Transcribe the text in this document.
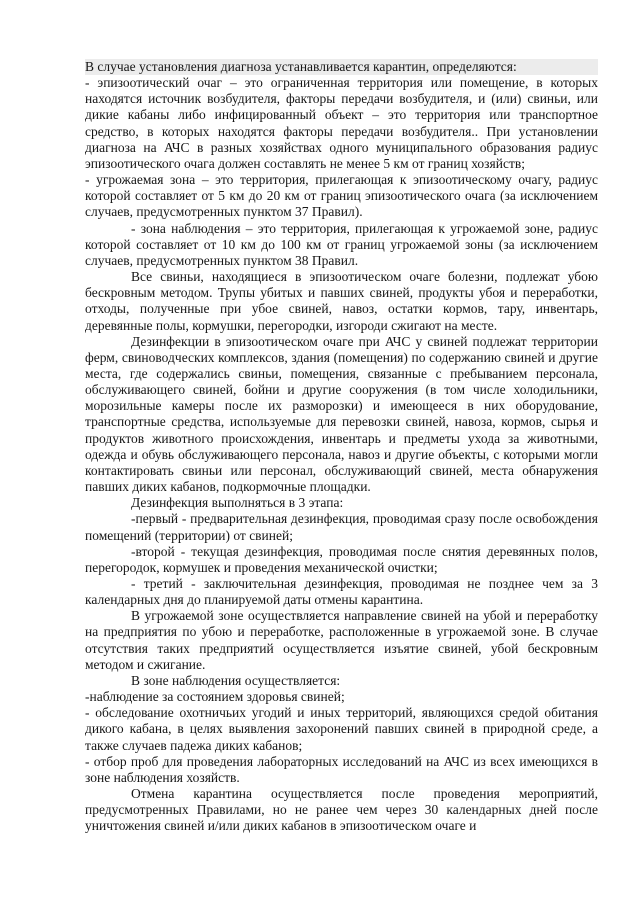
В случае установления диагноза устанавливается карантин, определяются:

- эпизоотический очаг – это ограниченная территория или помещение, в которых находятся источник возбудителя, факторы передачи возбудителя, и (или) свиньи, или дикие кабаны либо инфицированный объект – это территория или транспортное средство, в которых находятся факторы передачи возбудителя.. При установлении диагноза на АЧС в разных хозяйствах одного муниципального образования радиус эпизоотического очага должен составлять не менее 5 км от границ хозяйств;

- угрожаемая зона – это территория, прилегающая к эпизоотическому очагу, радиус которой составляет от 5 км до 20 км от границ эпизоотического очага (за исключением случаев, предусмотренных пунктом 37 Правил).

- зона наблюдения – это территория, прилегающая к угрожаемой зоне, радиус которой составляет от 10 км до 100 км от границ угрожаемой зоны (за исключением случаев, предусмотренных пунктом 38 Правил.

Все свиньи, находящиеся в эпизоотическом очаге болезни, подлежат убою бескровным методом. Трупы убитых и павших свиней, продукты убоя и переработки, отходы, полученные при убое свиней, навоз, остатки кормов, тару, инвентарь, деревянные полы, кормушки, перегородки, изгороди сжигают на месте.

Дезинфекции в эпизоотическом очаге при АЧС у свиней подлежат территории ферм, свиноводческих комплексов, здания (помещения) по содержанию свиней и другие места, где содержались свиньи, помещения, связанные с пребыванием персонала, обслуживающего свиней, бойни и другие сооружения (в том числе холодильники, морозильные камеры после их разморозки) и имеющееся в них оборудование, транспортные средства, используемые для перевозки свиней, навоза, кормов, сырья и продуктов животного происхождения, инвентарь и предметы ухода за животными, одежда и обувь обслуживающего персонала, навоз и другие объекты, с которыми могли контактировать свиньи или персонал, обслуживающий свиней, места обнаружения павших диких кабанов, подкормочные площадки.

Дезинфекция выполняться в 3 этапа:

-первый - предварительная дезинфекция, проводимая сразу после освобождения помещений (территории) от свиней;

-второй - текущая дезинфекция, проводимая после снятия деревянных полов, перегородок, кормушек и проведения механической очистки;

- третий - заключительная дезинфекция, проводимая не позднее чем за 3 календарных дня до планируемой даты отмены карантина.

В угрожаемой зоне осуществляется направление свиней на убой и переработку на предприятия по убою и переработке, расположенные в угрожаемой зоне. В случае отсутствия таких предприятий осуществляется изъятие свиней, убой бескровным методом и сжигание.

В зоне наблюдения осуществляется:

-наблюдение за состоянием здоровья свиней;

- обследование охотничьих угодий и иных территорий, являющихся средой обитания дикого кабана, в целях выявления захоронений павших свиней в природной среде, а также случаев падежа диких кабанов;

- отбор проб для проведения лабораторных исследований на АЧС из всех имеющихся в зоне наблюдения хозяйств.

Отмена карантина осуществляется после проведения мероприятий, предусмотренных Правилами, но не ранее чем через 30 календарных дней после уничтожения свиней и/или диких кабанов в эпизоотическом очаге и
